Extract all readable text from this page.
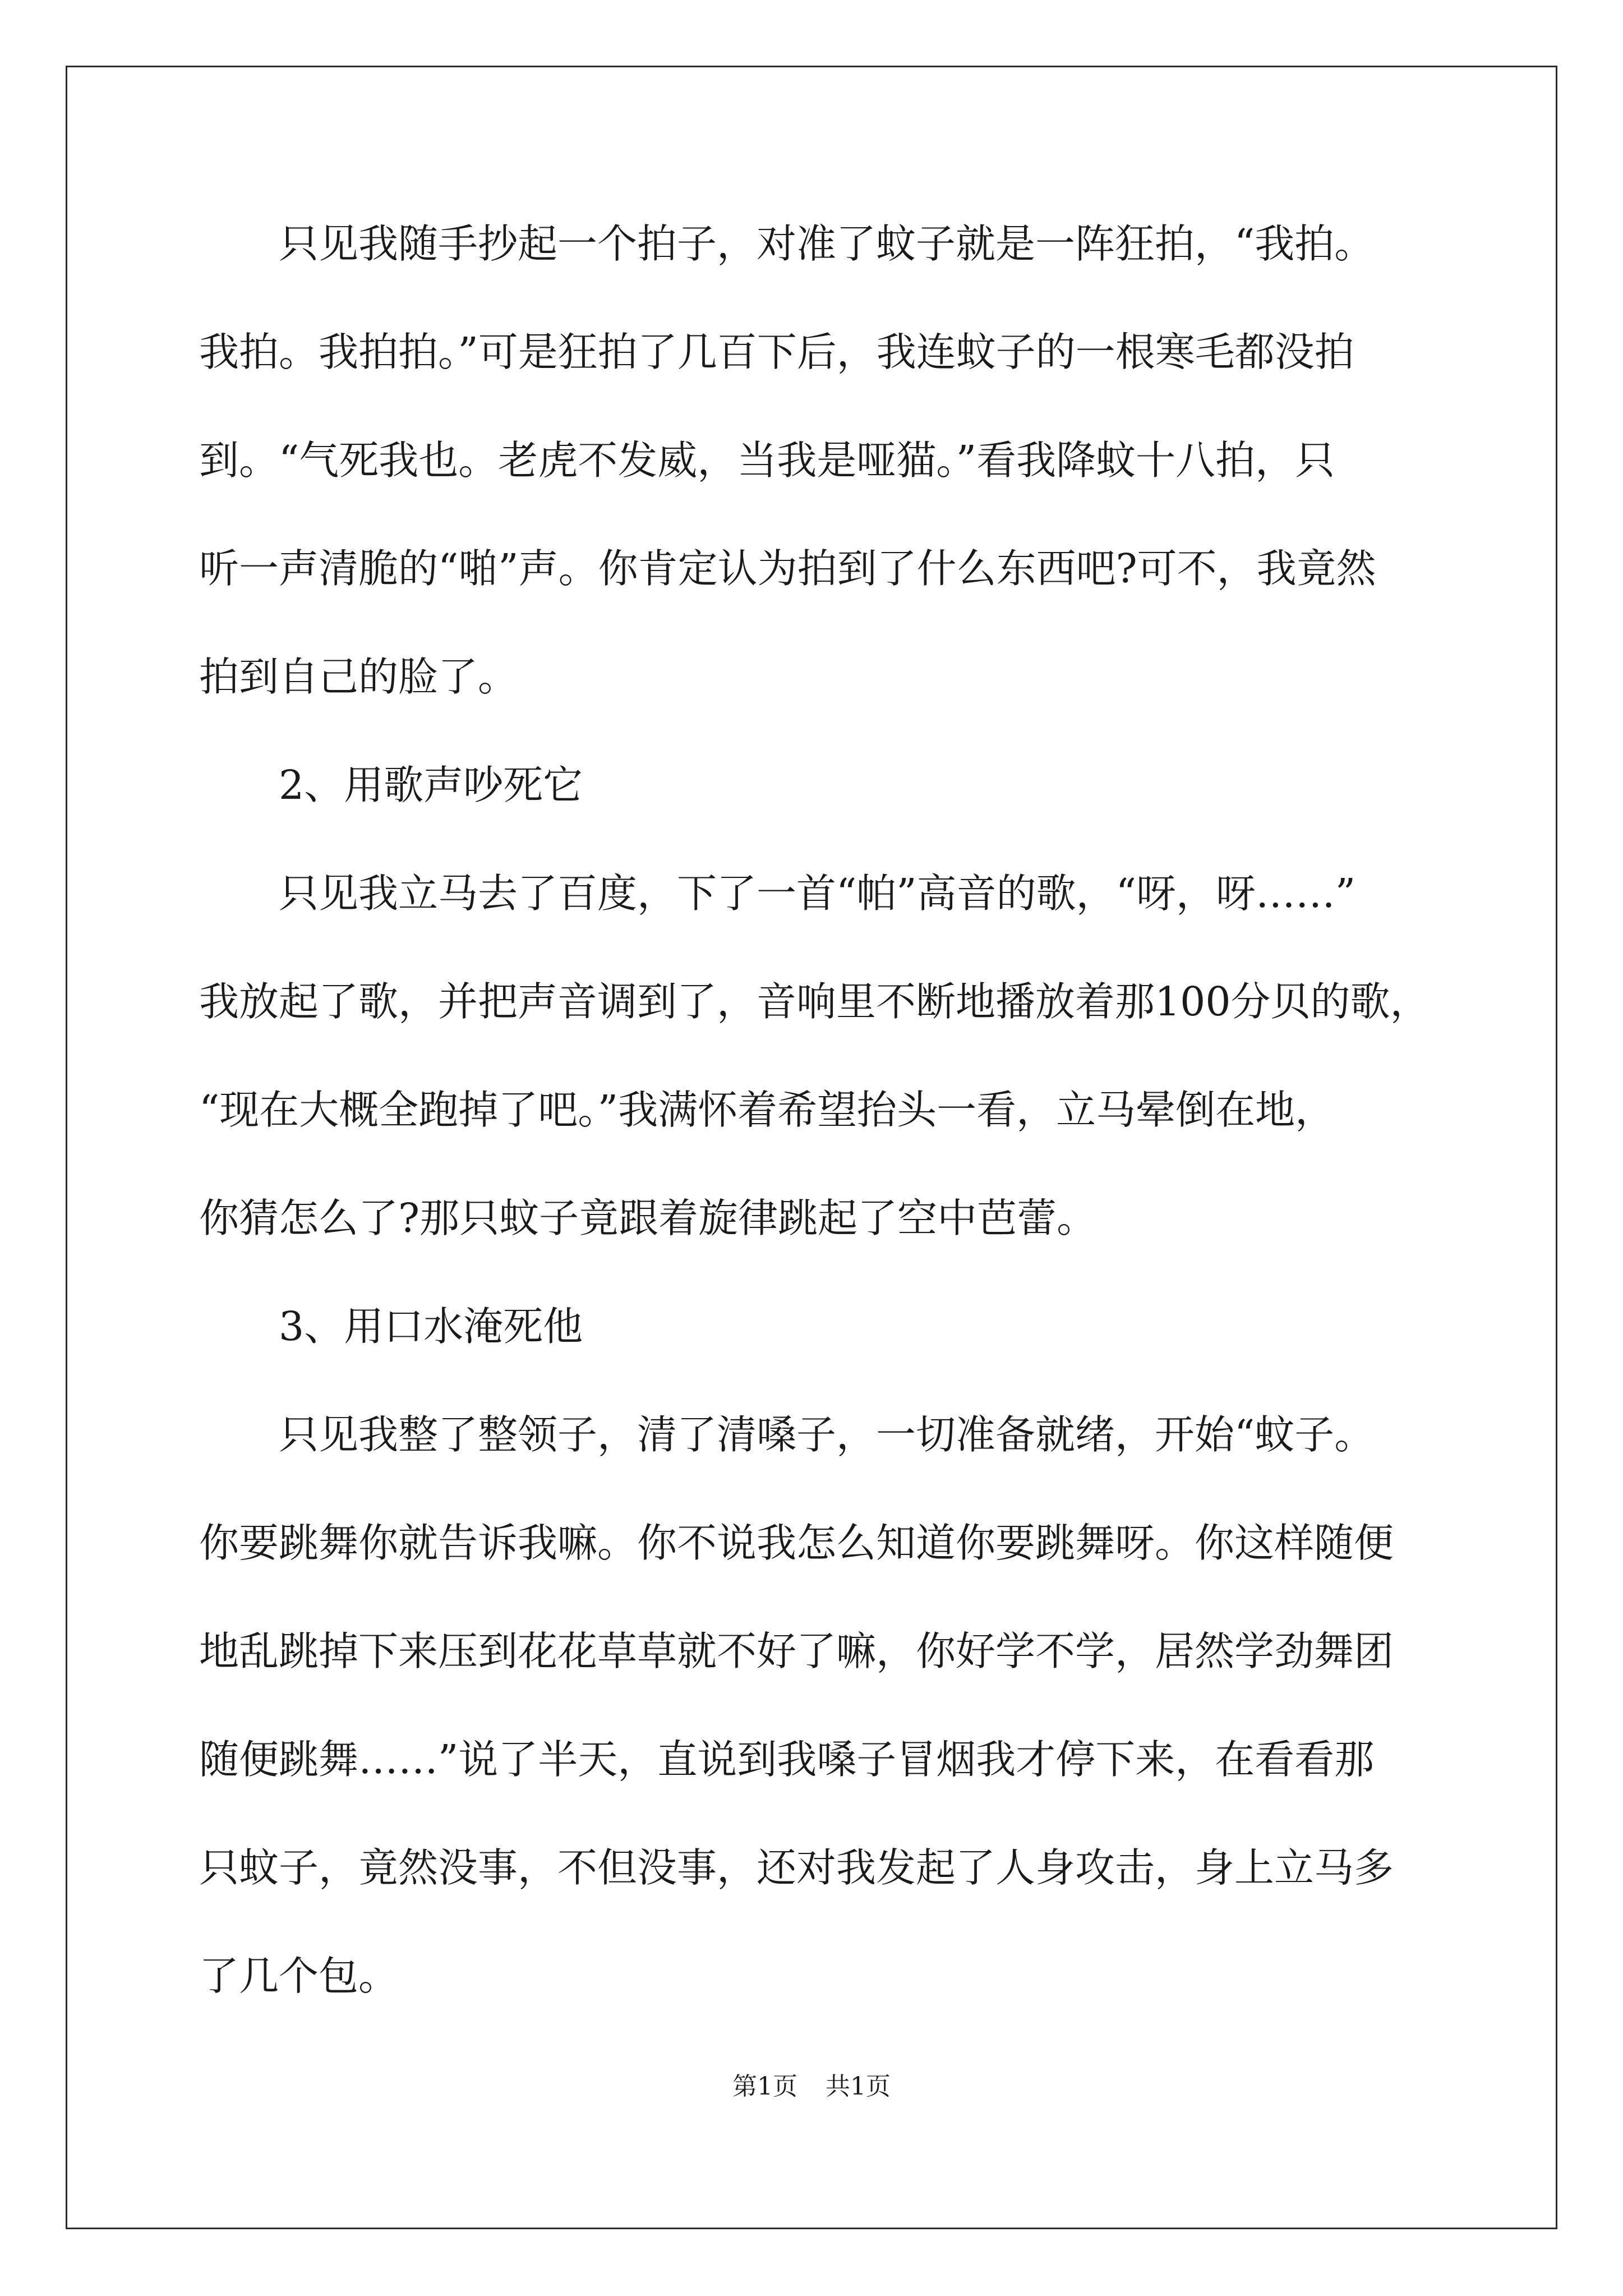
　　只见我随手抄起一个拍子，对准了蚊子就是一阵狂拍，“我拍。
我拍。我拍拍。”可是狂拍了几百下后，我连蚊子的一根寒毛都没拍
到。“气死我也。老虎不发威，当我是哑猫。”看我降蚊十八拍，只
听一声清脆的“啪”声。你肯定认为拍到了什么东西吧?可不，我竟然
拍到自己的脸了。

　　2、用歌声吵死它

　　只见我立马去了百度，下了一首“帕”高音的歌，“呀，呀……”
我放起了歌，并把声音调到了，音响里不断地播放着那100分贝的歌，
“现在大概全跑掉了吧。”我满怀着希望抬头一看，立马晕倒在地，
你猜怎么了?那只蚊子竟跟着旋律跳起了空中芭蕾。

　　3、用口水淹死他

　　只见我整了整领子，清了清嗓子，一切准备就绪，开始“蚊子。
你要跳舞你就告诉我嘛。你不说我怎么知道你要跳舞呀。你这样随便
地乱跳掉下来压到花花草草就不好了嘛，你好学不学，居然学劲舞团
随便跳舞……”说了半天，直说到我嗓子冒烟我才停下来，在看看那
只蚊子，竟然没事，不但没事，还对我发起了人身攻击，身上立马多
了几个包。

第1页 共1页
